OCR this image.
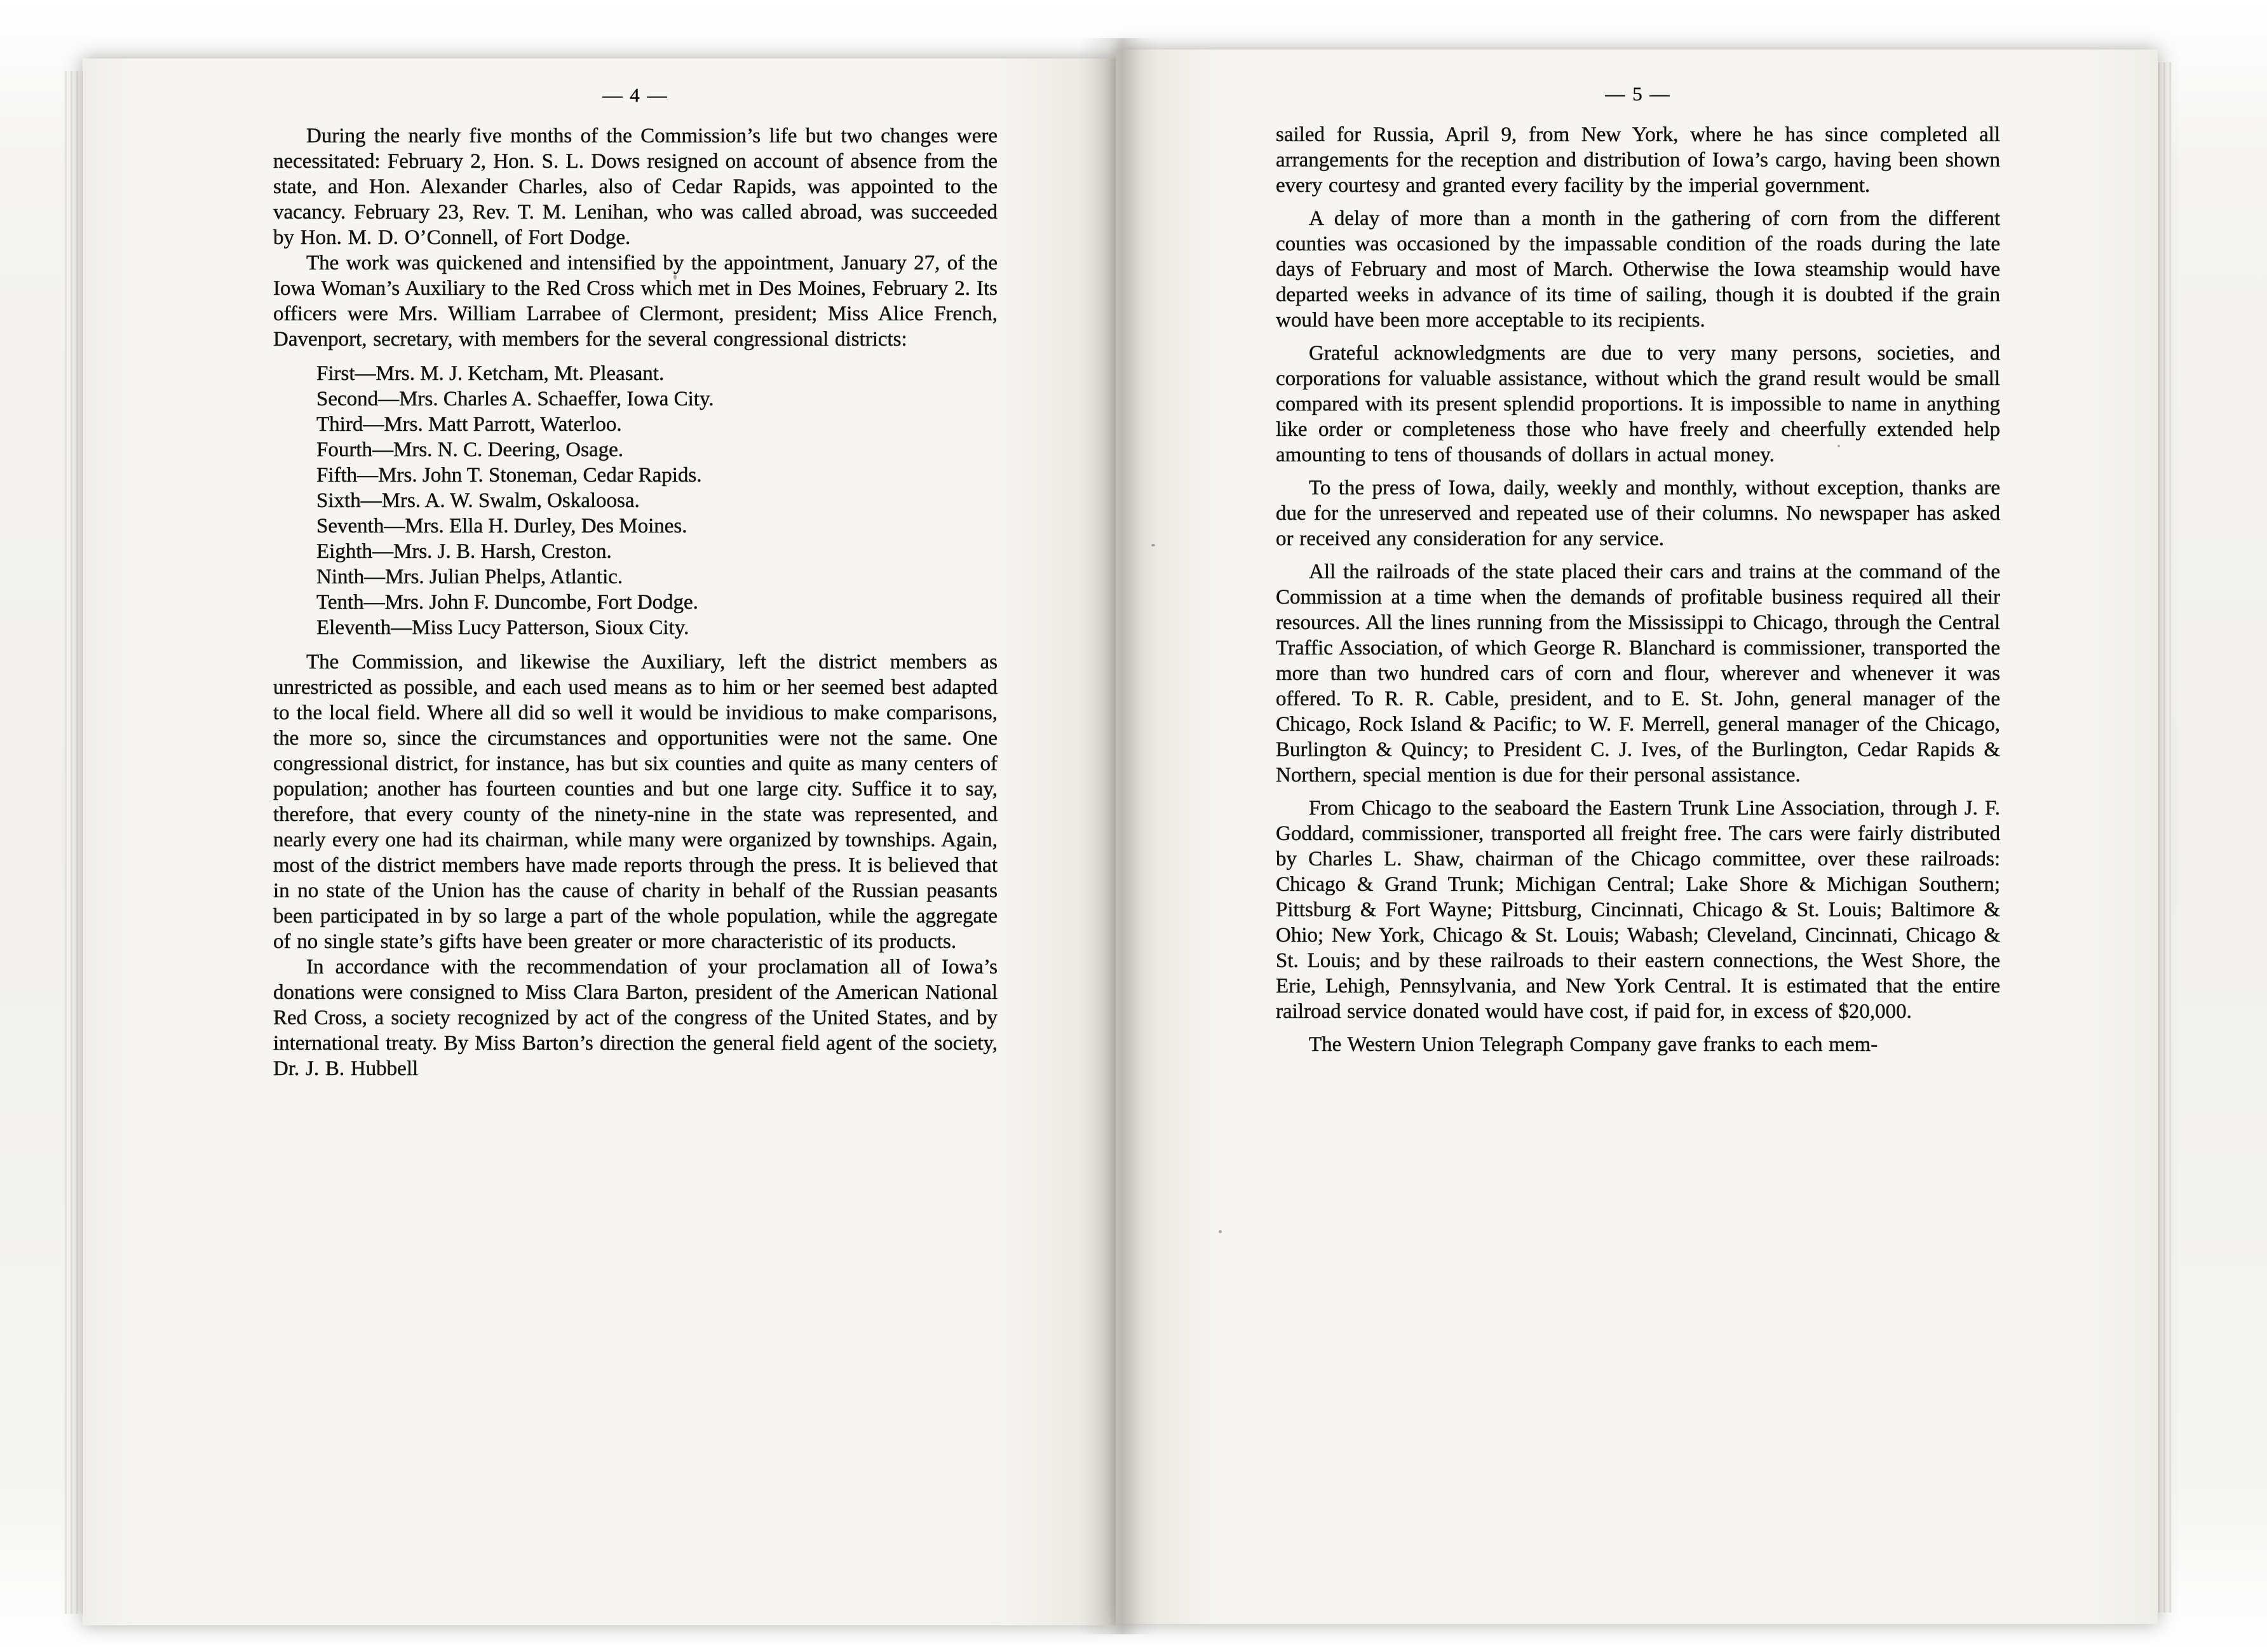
— 4 —

During the nearly five months of the Commission’s life but two changes were necessitated: February 2, Hon. S. L. Dows resigned on account of absence from the state, and Hon. Alexander Charles, also of Cedar Rapids, was appointed to the vacancy. February 23, Rev. T. M. Lenihan, who was called abroad, was succeeded by Hon. M. D. O’Connell, of Fort Dodge.

The work was quickened and intensified by the appointment, January 27, of the Iowa Woman’s Auxiliary to the Red Cross which met in Des Moines, February 2. Its officers were Mrs. William Larrabee of Clermont, president; Miss Alice French, Davenport, secretary, with members for the several congressional districts:

First—Mrs. M. J. Ketcham, Mt. Pleasant.
Second—Mrs. Charles A. Schaeffer, Iowa City.
Third—Mrs. Matt Parrott, Waterloo.
Fourth—Mrs. N. C. Deering, Osage.
Fifth—Mrs. John T. Stoneman, Cedar Rapids.
Sixth—Mrs. A. W. Swalm, Oskaloosa.
Seventh—Mrs. Ella H. Durley, Des Moines.
Eighth—Mrs. J. B. Harsh, Creston.
Ninth—Mrs. Julian Phelps, Atlantic.
Tenth—Mrs. John F. Duncombe, Fort Dodge.
Eleventh—Miss Lucy Patterson, Sioux City.

The Commission, and likewise the Auxiliary, left the district members as unrestricted as possible, and each used means as to him or her seemed best adapted to the local field. Where all did so well it would be invidious to make comparisons, the more so, since the circumstances and opportunities were not the same. One congressional district, for instance, has but six counties and quite as many centers of population; another has fourteen counties and but one large city. Suffice it to say, therefore, that every county of the ninety-nine in the state was represented, and nearly every one had its chairman, while many were organized by townships. Again, most of the district members have made reports through the press. It is believed that in no state of the Union has the cause of charity in behalf of the Russian peasants been participated in by so large a part of the whole population, while the aggregate of no single state’s gifts have been greater or more characteristic of its products.

In accordance with the recommendation of your proclamation all of Iowa’s donations were consigned to Miss Clara Barton, president of the American National Red Cross, a society recognized by act of the congress of the United States, and by international treaty. By Miss Barton’s direction the general field agent of the society, Dr. J. B. Hubbell

— 5 —

sailed for Russia, April 9, from New York, where he has since completed all arrangements for the reception and distribution of Iowa’s cargo, having been shown every courtesy and granted every facility by the imperial government.

A delay of more than a month in the gathering of corn from the different counties was occasioned by the impassable condition of the roads during the late days of February and most of March. Otherwise the Iowa steamship would have departed weeks in advance of its time of sailing, though it is doubted if the grain would have been more acceptable to its recipients.

Grateful acknowledgments are due to very many persons, societies, and corporations for valuable assistance, without which the grand result would be small compared with its present splendid proportions. It is impossible to name in anything like order or completeness those who have freely and cheerfully extended help amounting to tens of thousands of dollars in actual money.

To the press of Iowa, daily, weekly and monthly, without exception, thanks are due for the unreserved and repeated use of their columns. No newspaper has asked or received any consideration for any service.

All the railroads of the state placed their cars and trains at the command of the Commission at a time when the demands of profitable business required all their resources. All the lines running from the Mississippi to Chicago, through the Central Traffic Association, of which George R. Blanchard is commissioner, transported the more than two hundred cars of corn and flour, wherever and whenever it was offered. To R. R. Cable, president, and to E. St. John, general manager of the Chicago, Rock Island & Pacific; to W. F. Merrell, general manager of the Chicago, Burlington & Quincy; to President C. J. Ives, of the Burlington, Cedar Rapids & Northern, special mention is due for their personal assistance.

From Chicago to the seaboard the Eastern Trunk Line Association, through J. F. Goddard, commissioner, transported all freight free. The cars were fairly distributed by Charles L. Shaw, chairman of the Chicago committee, over these railroads: Chicago & Grand Trunk; Michigan Central; Lake Shore & Michigan Southern; Pittsburg & Fort Wayne; Pittsburg, Cincinnati, Chicago & St. Louis; Baltimore & Ohio; New York, Chicago & St. Louis; Wabash; Cleveland, Cincinnati, Chicago & St. Louis; and by these railroads to their eastern connections, the West Shore, the Erie, Lehigh, Pennsylvania, and New York Central. It is estimated that the entire railroad service donated would have cost, if paid for, in excess of $20,000.

The Western Union Telegraph Company gave franks to each mem-
